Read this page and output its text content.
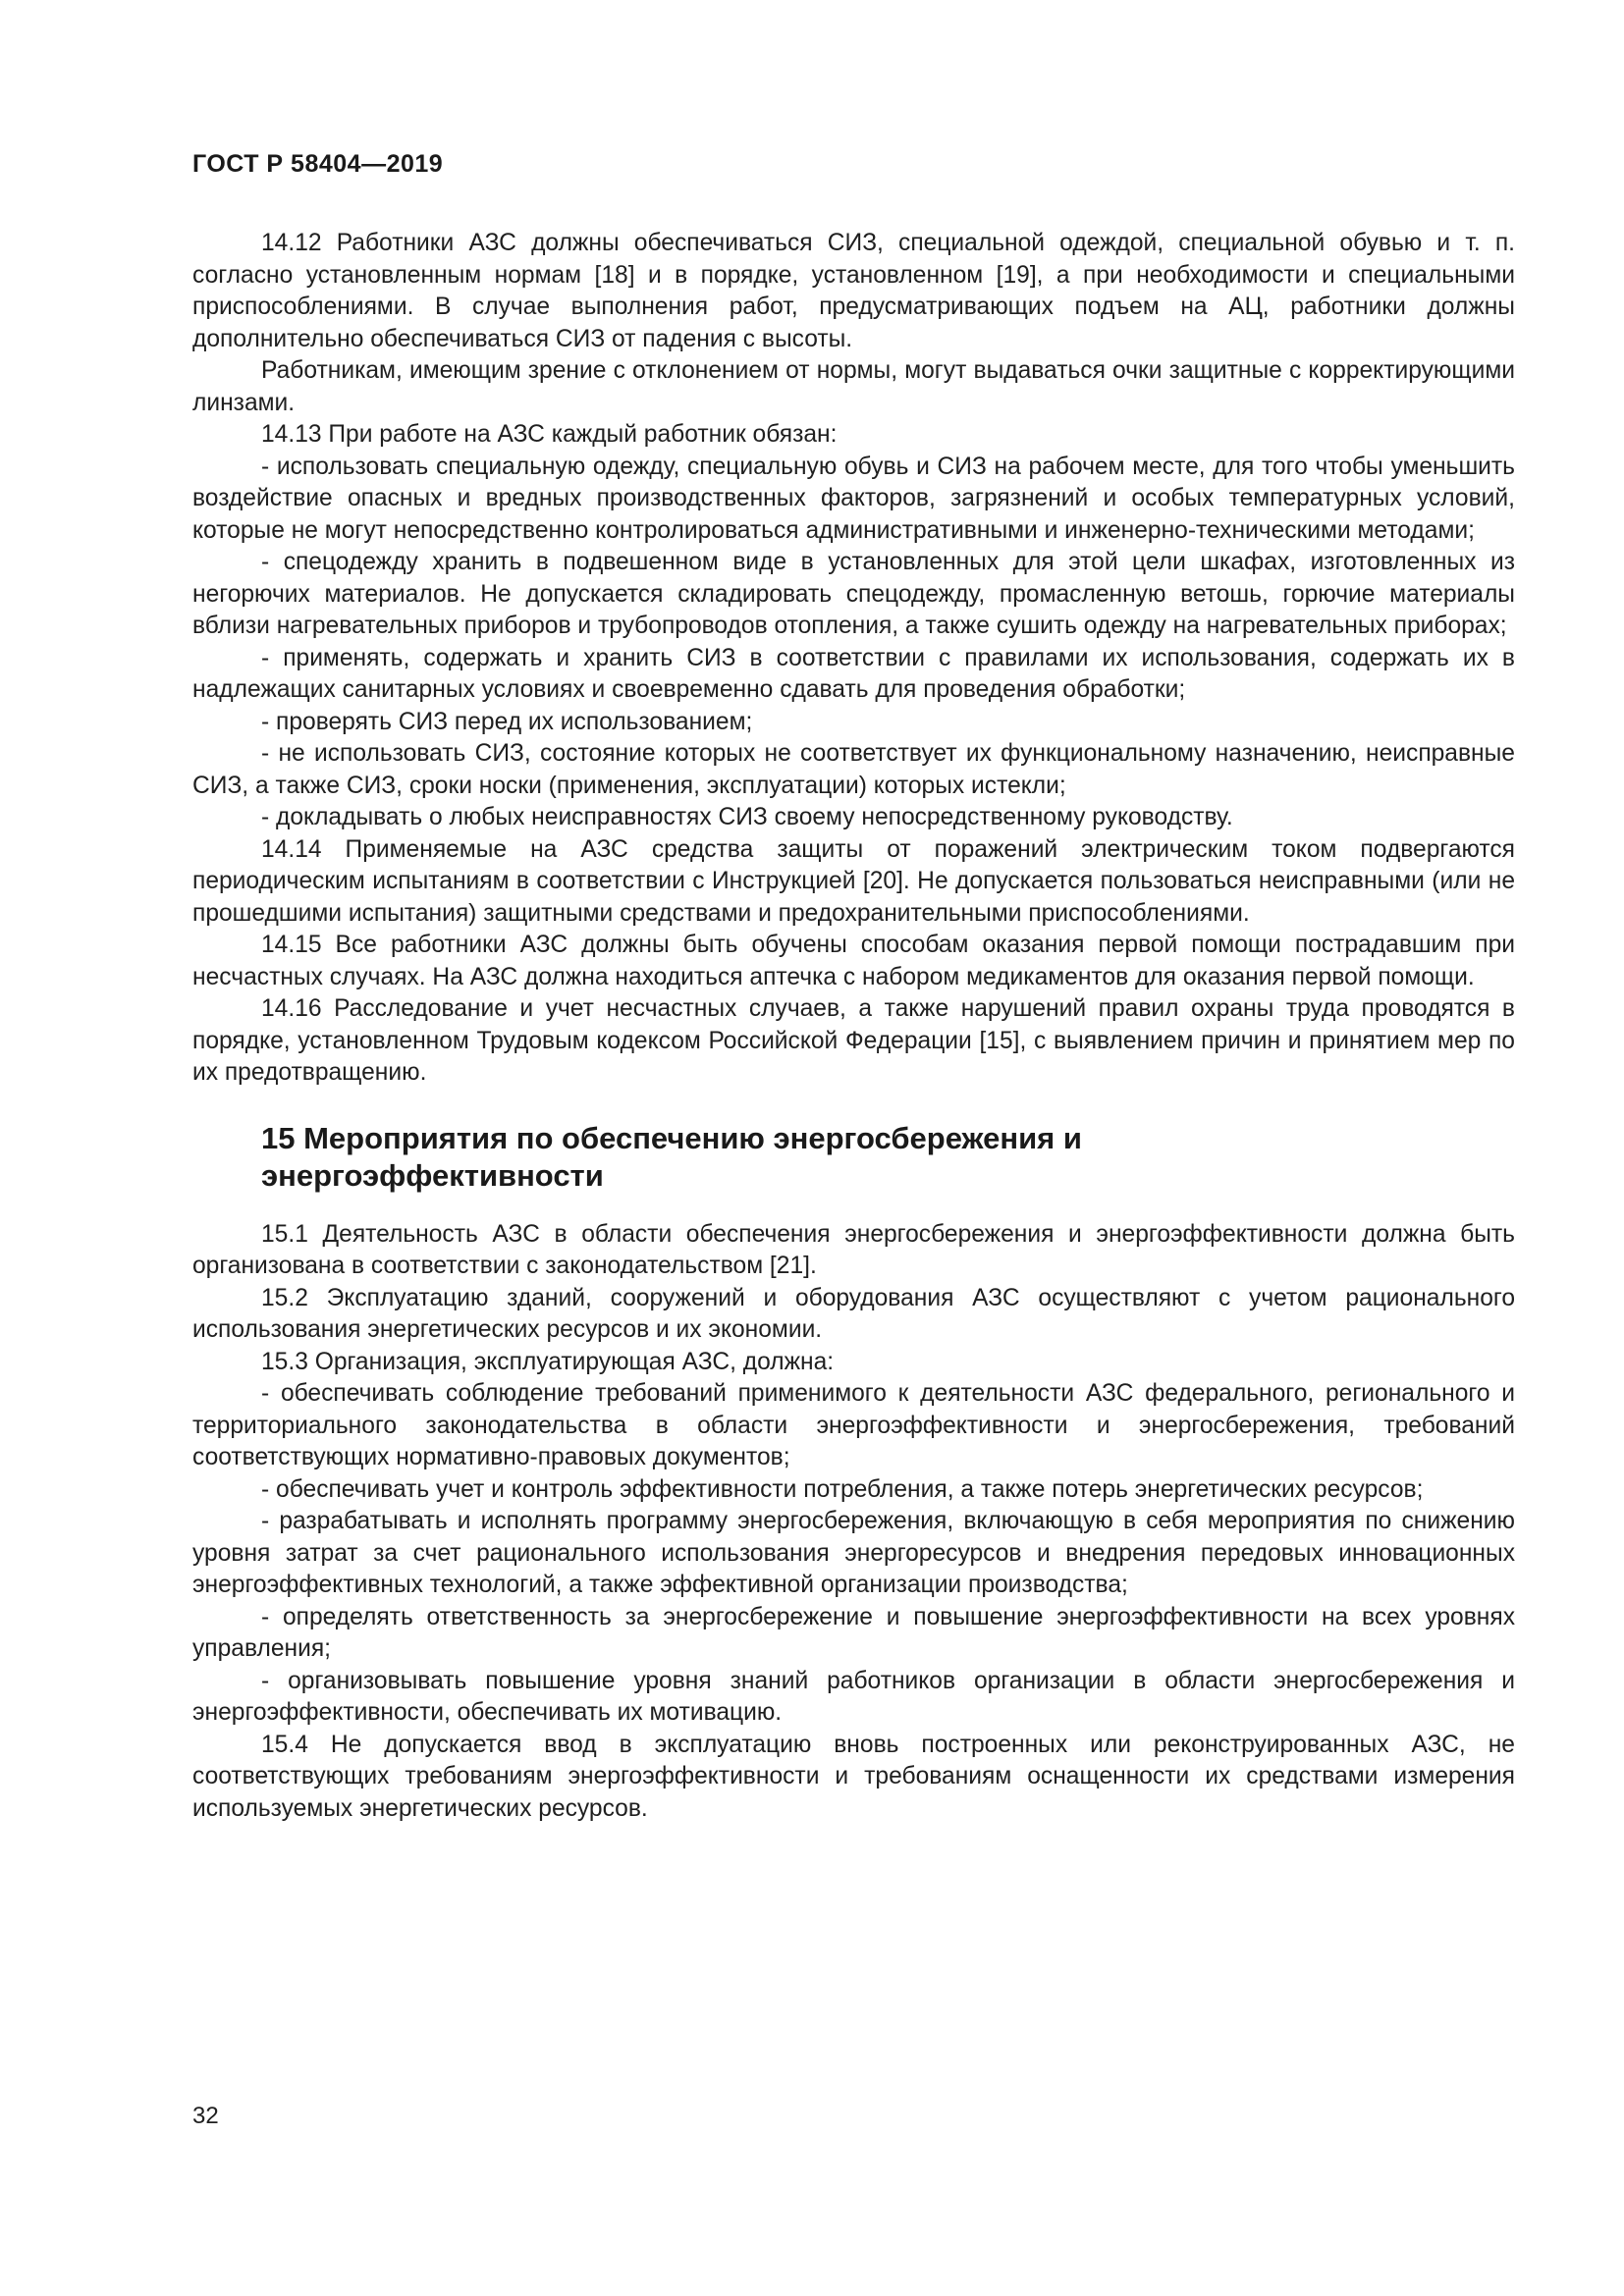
ГОСТ Р 58404—2019

14.12 Работники АЗС должны обеспечиваться СИЗ, специальной одеждой, специальной обувью и т. п. согласно установленным нормам [18] и в порядке, установленном [19], а при необходимости и специальными приспособлениями. В случае выполнения работ, предусматривающих подъем на АЦ, работники должны дополнительно обеспечиваться СИЗ от падения с высоты.

Работникам, имеющим зрение с отклонением от нормы, могут выдаваться очки защитные с корректирующими линзами.

14.13 При работе на АЗС каждый работник обязан:

- использовать специальную одежду, специальную обувь и СИЗ на рабочем месте, для того чтобы уменьшить воздействие опасных и вредных производственных факторов, загрязнений и особых температурных условий, которые не могут непосредственно контролироваться административными и инженерно-техническими методами;

- спецодежду хранить в подвешенном виде в установленных для этой цели шкафах, изготовленных из негорючих материалов. Не допускается складировать спецодежду, промасленную ветошь, горючие материалы вблизи нагревательных приборов и трубопроводов отопления, а также сушить одежду на нагревательных приборах;

- применять, содержать и хранить СИЗ в соответствии с правилами их использования, содержать их в надлежащих санитарных условиях и своевременно сдавать для проведения обработки;

- проверять СИЗ перед их использованием;

- не использовать СИЗ, состояние которых не соответствует их функциональному назначению, неисправные СИЗ, а также СИЗ, сроки носки (применения, эксплуатации) которых истекли;

- докладывать о любых неисправностях СИЗ своему непосредственному руководству.

14.14 Применяемые на АЗС средства защиты от поражений электрическим током подвергаются периодическим испытаниям в соответствии с Инструкцией [20]. Не допускается пользоваться неисправными (или не прошедшими испытания) защитными средствами и предохранительными приспособлениями.

14.15 Все работники АЗС должны быть обучены способам оказания первой помощи пострадавшим при несчастных случаях. На АЗС должна находиться аптечка с набором медикаментов для оказания первой помощи.

14.16 Расследование и учет несчастных случаев, а также нарушений правил охраны труда проводятся в порядке, установленном Трудовым кодексом Российской Федерации [15], с выявлением причин и принятием мер по их предотвращению.

15 Мероприятия по обеспечению энергосбережения и энергоэффективности

15.1 Деятельность АЗС в области обеспечения энергосбережения и энергоэффективности должна быть организована в соответствии с законодательством [21].

15.2 Эксплуатацию зданий, сооружений и оборудования АЗС осуществляют с учетом рационального использования энергетических ресурсов и их экономии.

15.3 Организация, эксплуатирующая АЗС, должна:

- обеспечивать соблюдение требований применимого к деятельности АЗС федерального, регионального и территориального законодательства в области энергоэффективности и энергосбережения, требований соответствующих нормативно-правовых документов;

- обеспечивать учет и контроль эффективности потребления, а также потерь энергетических ресурсов;

- разрабатывать и исполнять программу энергосбережения, включающую в себя мероприятия по снижению уровня затрат за счет рационального использования энергоресурсов и внедрения передовых инновационных энергоэффективных технологий, а также эффективной организации производства;

- определять ответственность за энергосбережение и повышение энергоэффективности на всех уровнях управления;

- организовывать повышение уровня знаний работников организации в области энергосбережения и энергоэффективности, обеспечивать их мотивацию.

15.4 Не допускается ввод в эксплуатацию вновь построенных или реконструированных АЗС, не соответствующих требованиям энергоэффективности и требованиям оснащенности их средствами измерения используемых энергетических ресурсов.

32
